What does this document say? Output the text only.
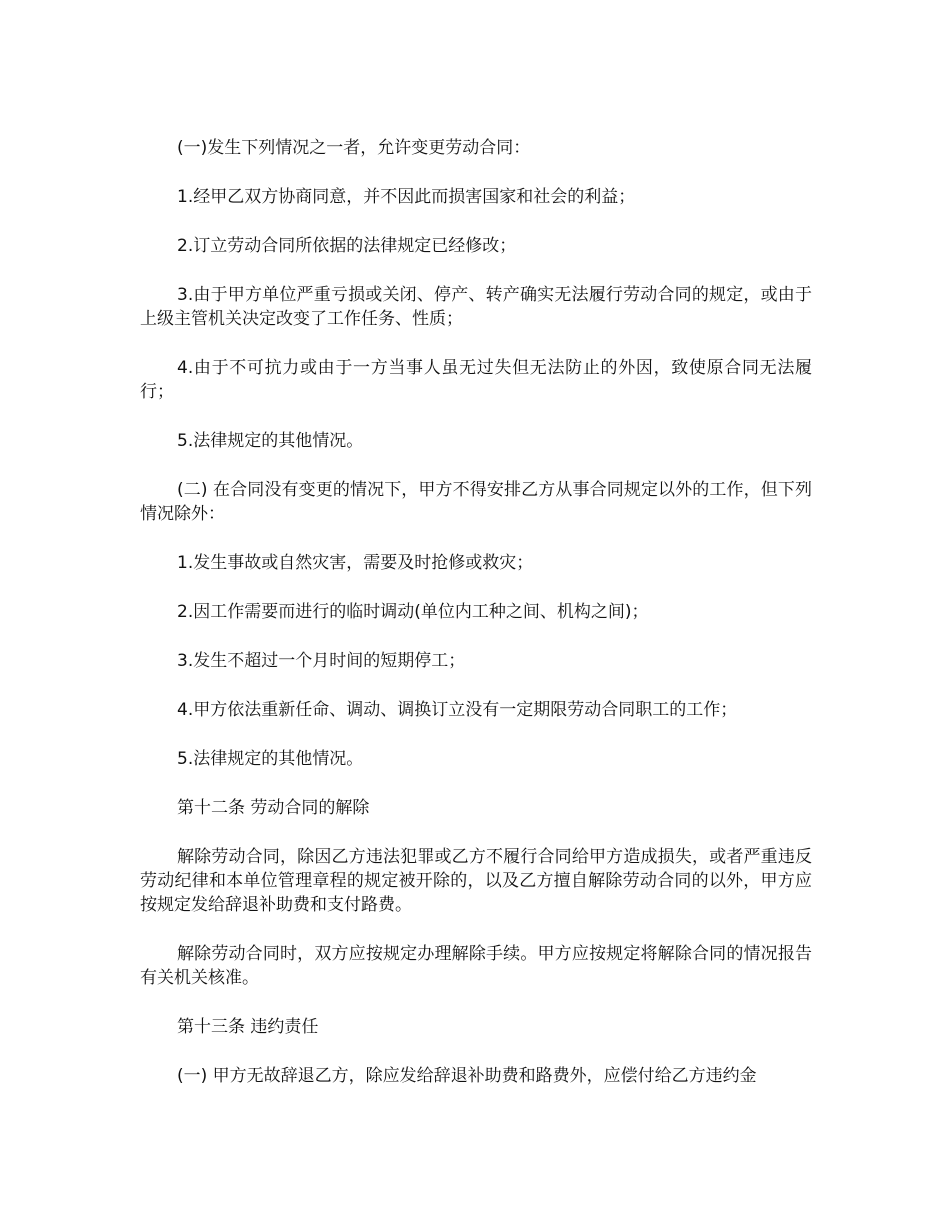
(一)发生下列情况之一者，允许变更劳动合同：

1.经甲乙双方协商同意，并不因此而损害国家和社会的利益；

2.订立劳动合同所依据的法律规定已经修改；

3.由于甲方单位严重亏损或关闭、停产、转产确实无法履行劳动合同的规定，或由于上级主管机关决定改变了工作任务、性质；

4.由于不可抗力或由于一方当事人虽无过失但无法防止的外因，致使原合同无法履行；

5.法律规定的其他情况。

(二) 在合同没有变更的情况下，甲方不得安排乙方从事合同规定以外的工作，但下列情况除外：

1.发生事故或自然灾害，需要及时抢修或救灾；

2.因工作需要而进行的临时调动(单位内工种之间、机构之间)；

3.发生不超过一个月时间的短期停工；

4.甲方依法重新任命、调动、调换订立没有一定期限劳动合同职工的工作；

5.法律规定的其他情况。

第十二条 劳动合同的解除

解除劳动合同，除因乙方违法犯罪或乙方不履行合同给甲方造成损失，或者严重违反劳动纪律和本单位管理章程的规定被开除的，以及乙方擅自解除劳动合同的以外，甲方应按规定发给辞退补助费和支付路费。

解除劳动合同时，双方应按规定办理解除手续。甲方应按规定将解除合同的情况报告有关机关核准。

第十三条 违约责任

(一) 甲方无故辞退乙方，除应发给辞退补助费和路费外，应偿付给乙方违约金
